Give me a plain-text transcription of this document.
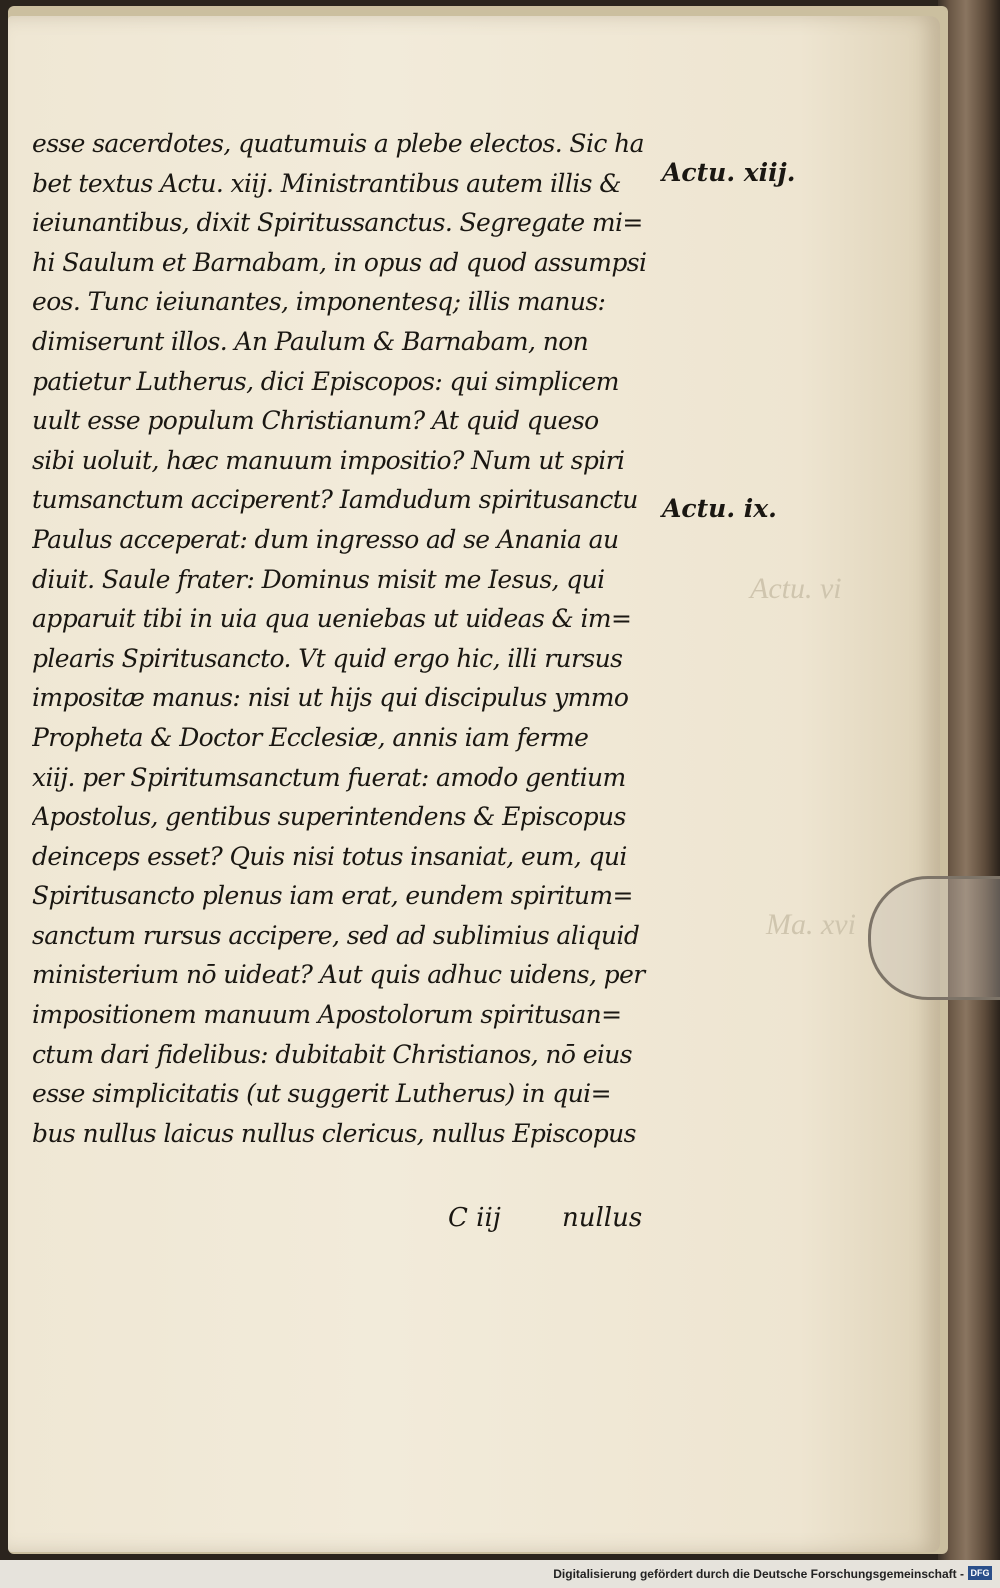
Actu. vi
Ma. xvi
esse sacerdotes, quatumuis a plebe electos. Sic ha
bet textus Actu. xiij. Ministrantibus autem illis &
ieiunantibus, dixit Spiritussanctus. Segregate mi=
hi Saulum et Barnabam, in opus ad quod assumpsi
eos. Tunc ieiunantes, imponentesq; illis manus:
dimiserunt illos. An Paulum & Barnabam, non
patietur Lutherus, dici Episcopos: qui simplicem
uult esse populum Christianum? At quid queso
sibi uoluit, hæc manuum impositio? Num ut spiri
tumsanctum acciperent? Iamdudum spiritusanctu
Paulus acceperat: dum ingresso ad se Anania au
diuit. Saule frater: Dominus misit me Iesus, qui
apparuit tibi in uia qua ueniebas ut uideas & im=
plearis Spiritusancto. Vt quid ergo hic, illi rursus
impositæ manus: nisi ut hijs qui discipulus ymmo
Propheta & Doctor Ecclesiæ, annis iam ferme
xiij. per Spiritumsanctum fuerat: amodo gentium
Apostolus, gentibus superintendens & Episcopus
deinceps esset? Quis nisi totus insaniat, eum, qui
Spiritusancto plenus iam erat, eundem spiritum=
sanctum rursus accipere, sed ad sublimius aliquid
ministerium nō uideat? Aut quis adhuc uidens, per
impositionem manuum Apostolorum spiritusan=
ctum dari fidelibus: dubitabit Christianos, nō eius
esse simplicitatis (ut suggerit Lutherus) in qui=
bus nullus laicus nullus clericus, nullus Episcopus
Actu. xiij.
Actu. ix.
C iij nullus
Digitalisierung gefördert durch die Deutsche Forschungsgemeinschaft - DFG
